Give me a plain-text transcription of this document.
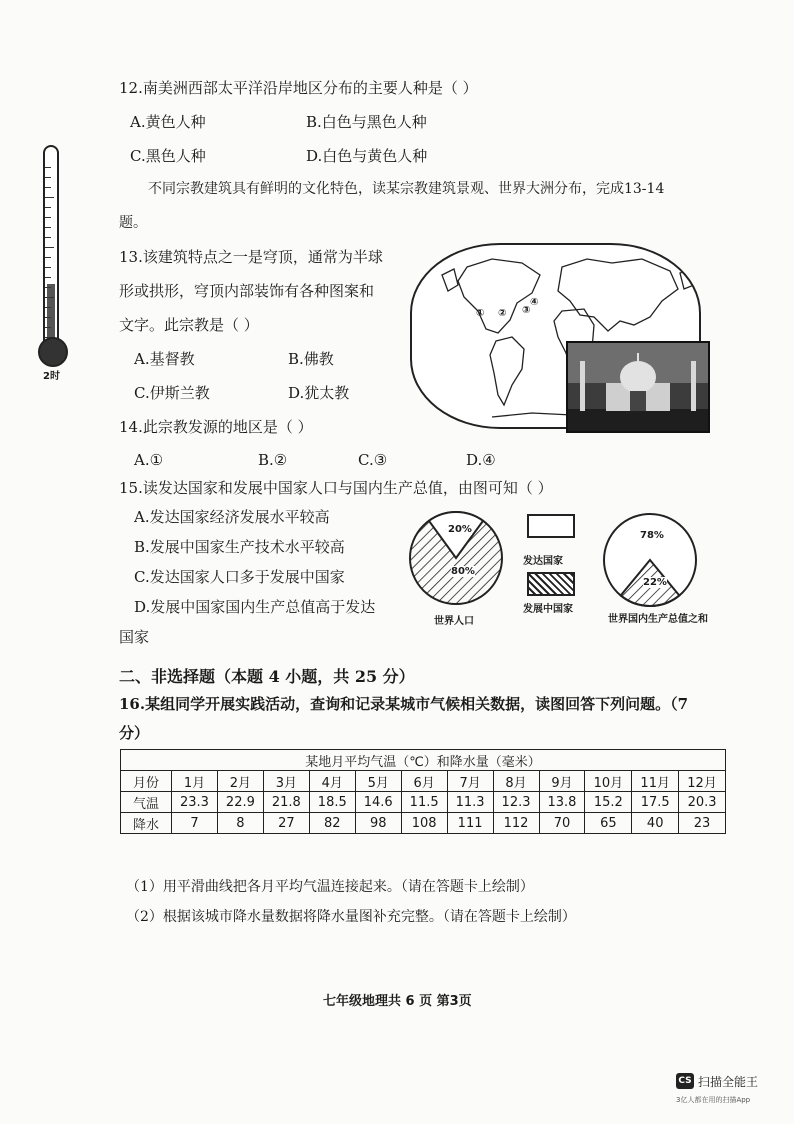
2时
12.南美洲西部太平洋沿岸地区分布的主要人种是（ ）
A.黄色人种	B.白色与黑色人种
C.黑色人种	D.白色与黄色人种
不同宗教建筑具有鲜明的文化特色，读某宗教建筑景观、世界大洲分布，完成13-14
题。
13.该建筑特点之一是穹顶，通常为半球
形或拱形，穹顶内部装饰有各种图案和
文字。此宗教是（ ）
A.基督教	B.佛教
C.伊斯兰教	D.犹太教
① ② ③
④
14.此宗教发源的地区是（ ）
A.①	B.②	C.③	D.④
15.读发达国家和发展中国家人口与国内生产总值，由图可知（ ）
A.发达国家经济发展水平较高
B.发展中国家生产技术水平较高
C.发达国家人口多于发展中国家
D.发展中国家国内生产总值高于发达
国家
20%
80%
世界人口
78%
22%
世界国内生产总值之和
发达国家
发展中国家
二、非选择题（本题 4 小题，共 25 分）
16.某组同学开展实践活动，查询和记录某城市气候相关数据，读图回答下列问题。（7
分）
某地月平均气温（℃）和降水量（毫米）												
月份	1月	2月	3月	4月	5月	6月	7月	8月	9月	10月	11月	12月
气温	23.3	22.9	21.8	18.5	14.6	11.5	11.3	12.3	13.8	15.2	17.5	20.3
降水	7	8	27	82	98	108	111	112	70	65	40	23
（1）用平滑曲线把各月平均气温连接起来。（请在答题卡上绘制）
（2）根据该城市降水量数据将降水量图补充完整。（请在答题卡上绘制）
七年级地理共 6 页 第3页
CS 扫描全能王
3亿人都在用的扫描App
